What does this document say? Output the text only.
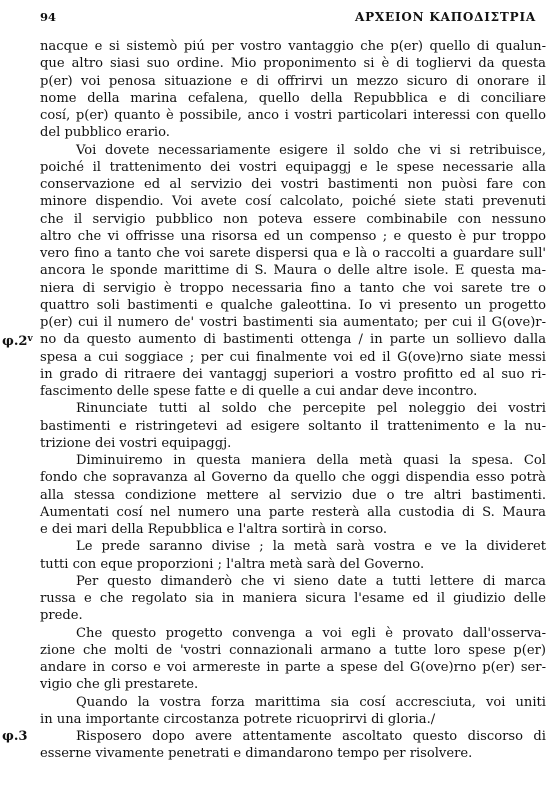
94	ΑΡΧΕΙΟΝ ΚΑΠΟΔΙΣΤΡΙΑ
nacque e si sistemò piú per vostro vantaggio che p(er) quello di qualun-
que altro siasi suo ordine. Mio proponimento si è di togliervi da questa
p(er) voi penosa situazione e di offrirvi un mezzo sicuro di onorare il
nome della marina cefalena, quello della Repubblica e di conciliare
cosí, p(er) quanto è possibile, anco i vostri particolari interessi con quello
del pubblico erario.
Voi dovete necessariamente esigere il soldo che vi si retribuisce,
poiché il trattenimento dei vostri equipaggj e le spese necessarie alla
conservazione ed al servizio dei vostri bastimenti non puòsi fare con
minore dispendio. Voi avete cosí calcolato, poiché siete stati prevenuti
che il servigio pubblico non poteva essere combinabile con nessuno
altro che vi offrisse una risorsa ed un compenso ; e questo è pur troppo
vero fino a tanto che voi sarete dispersi qua e là o raccolti a guardare sull'
ancora le sponde marittime di S. Maura o delle altre isole. E questa ma-
niera di servigio è troppo necessaria fino a tanto che voi sarete tre o
quattro soli bastimenti e qualche galeottina. Io vi presento un progetto
p(er) cui il numero de' vostri bastimenti sia aumentato; per cui il G(ove)r-
φ.2$^v$ no da questo aumento di bastimenti ottenga / in parte un sollievo dalla
spesa a cui soggiace ; per cui finalmente voi ed il G(ove)rno siate messi
in grado di ritraere dei vantaggj superiori a vostro profitto ed al suo ri-
fascimento delle spese fatte e di quelle a cui andar deve incontro.
Rinunciate tutti al soldo che percepite pel noleggio dei vostri
bastimenti e ristringetevi ad esigere soltanto il trattenimento e la nu-
trizione dei vostri equipaggj.
Diminuiremo in questa maniera della metà quasi la spesa. Col
fondo che sopravanza al Governo da quello che oggi dispendia esso potrà
alla stessa condizione mettere al servizio due o tre altri bastimenti.
Aumentati cosí nel numero una parte resterà alla custodia di S. Maura
e dei mari della Repubblica e l'altra sortirà in corso.
Le prede saranno divise ; la metà sarà vostra e ve la divideret
tutti con eque proporzioni ; l'altra metà sarà del Governo.
Per questo dimanderò che vi sieno date a tutti lettere di marca
russa e che regolato sia in maniera sicura l'esame ed il giudizio delle
prede.
Che questo progetto convenga a voi egli è provato dall'osserva-
zione che molti de 'vostri connazionali armano a tutte loro spese p(er)
andare in corso e voi armereste in parte a spese del G(ove)rno p(er) ser-
vigio che gli prestarete.
Quando la vostra forza marittima sia cosí accresciuta, voi uniti
in una importante circostanza potrete ricuoprirvi di gloria./
φ.3	Risposero dopo avere attentamente ascoltato questo discorso di
esserne vivamente penetrati e dimandarono tempo per risolvere.
